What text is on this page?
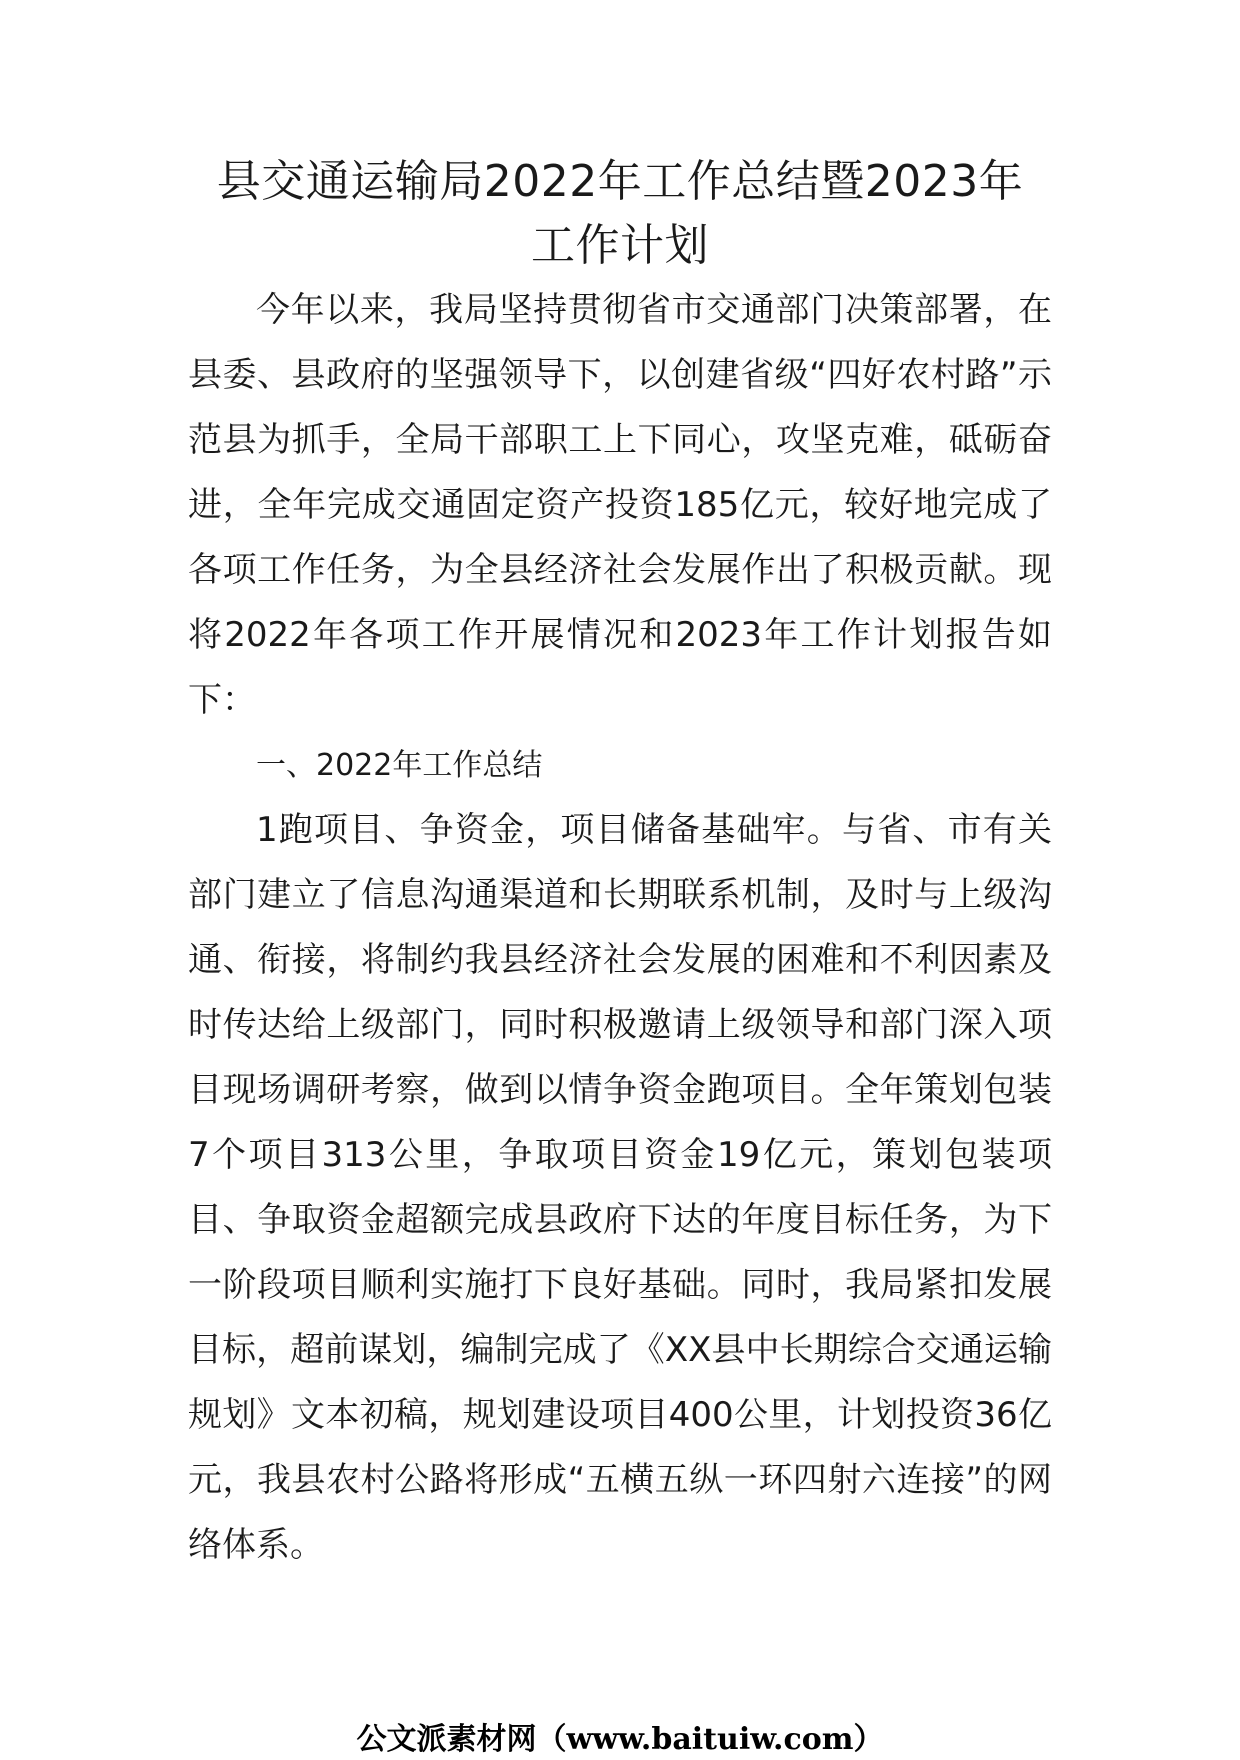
县交通运输局2022年工作总结暨2023年
工作计划

今年以来，我局坚持贯彻省市交通部门决策部署，在县委、县政府的坚强领导下，以创建省级“四好农村路”示范县为抓手，全局干部职工上下同心，攻坚克难，砥砺奋进，全年完成交通固定资产投资185亿元，较好地完成了各项工作任务，为全县经济社会发展作出了积极贡献。现将2022年各项工作开展情况和2023年工作计划报告如下：

一、2022年工作总结

1跑项目、争资金，项目储备基础牢。与省、市有关部门建立了信息沟通渠道和长期联系机制，及时与上级沟通、衔接，将制约我县经济社会发展的困难和不利因素及时传达给上级部门，同时积极邀请上级领导和部门深入项目现场调研考察，做到以情争资金跑项目。全年策划包装7个项目313公里，争取项目资金19亿元，策划包装项目、争取资金超额完成县政府下达的年度目标任务，为下一阶段项目顺利实施打下良好基础。同时，我局紧扣发展目标，超前谋划，编制完成了《XX县中长期综合交通运输规划》文本初稿，规划建设项目400公里，计划投资36亿元，我县农村公路将形成“五横五纵一环四射六连接”的网络体系。

公文派素材网（www.baituiw.com）
